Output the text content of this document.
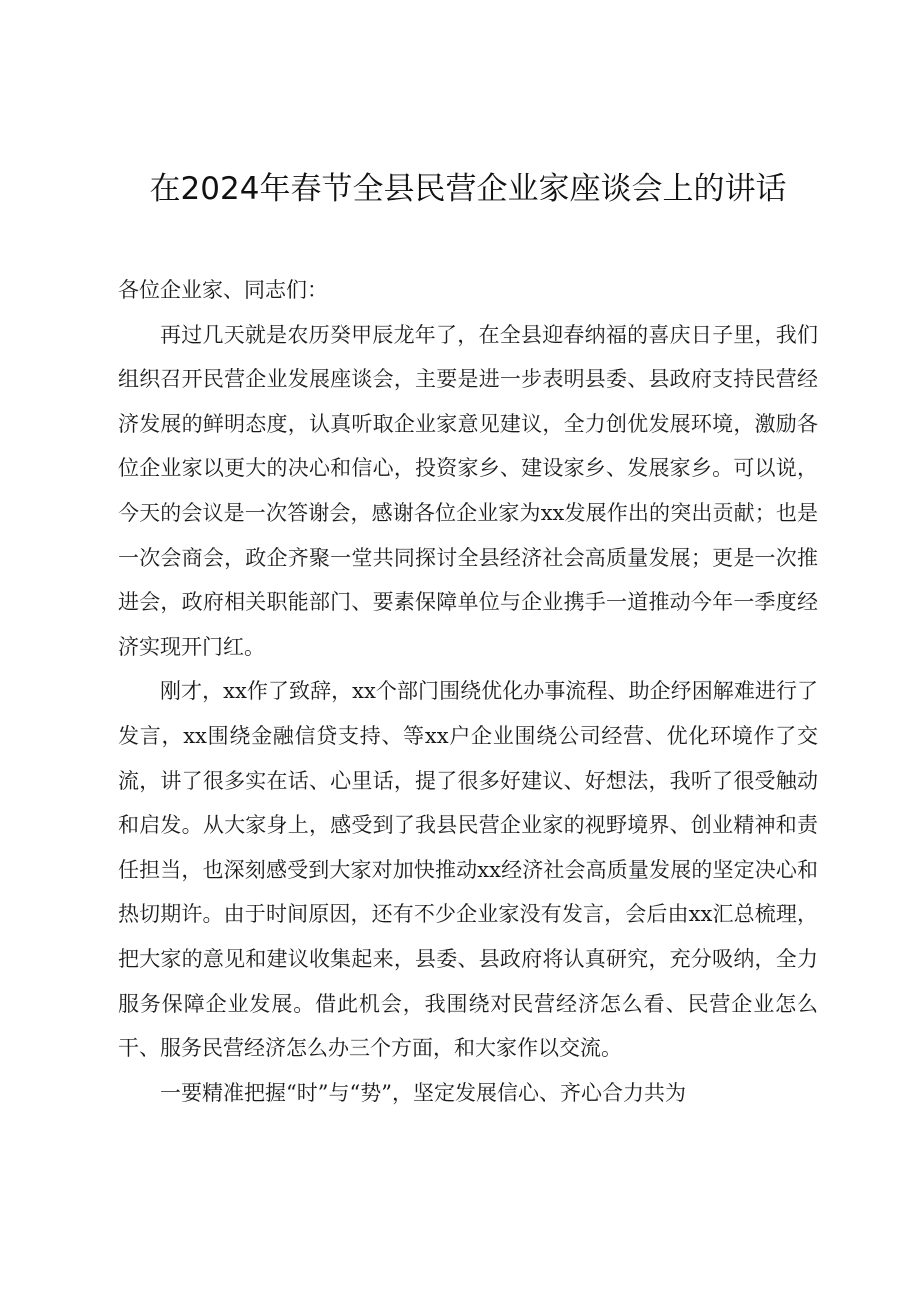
在2024年春节全县民营企业家座谈会上的讲话

各位企业家、同志们：

再过几天就是农历癸甲辰龙年了，在全县迎春纳福的喜庆日子里，我们组织召开民营企业发展座谈会，主要是进一步表明县委、县政府支持民营经济发展的鲜明态度，认真听取企业家意见建议，全力创优发展环境，激励各位企业家以更大的决心和信心，投资家乡、建设家乡、发展家乡。可以说，今天的会议是一次答谢会，感谢各位企业家为xx发展作出的突出贡献；也是一次会商会，政企齐聚一堂共同探讨全县经济社会高质量发展；更是一次推进会，政府相关职能部门、要素保障单位与企业携手一道推动今年一季度经济实现开门红。

刚才，xx作了致辞，xx个部门围绕优化办事流程、助企纾困解难进行了发言，xx围绕金融信贷支持、等xx户企业围绕公司经营、优化环境作了交流，讲了很多实在话、心里话，提了很多好建议、好想法，我听了很受触动和启发。从大家身上，感受到了我县民营企业家的视野境界、创业精神和责任担当，也深刻感受到大家对加快推动xx经济社会高质量发展的坚定决心和热切期许。由于时间原因，还有不少企业家没有发言，会后由xx汇总梳理，把大家的意见和建议收集起来，县委、县政府将认真研究，充分吸纳，全力服务保障企业发展。借此机会，我围绕对民营经济怎么看、民营企业怎么干、服务民营经济怎么办三个方面，和大家作以交流。

一要精准把握“时”与“势”，坚定发展信心、齐心合力共为
